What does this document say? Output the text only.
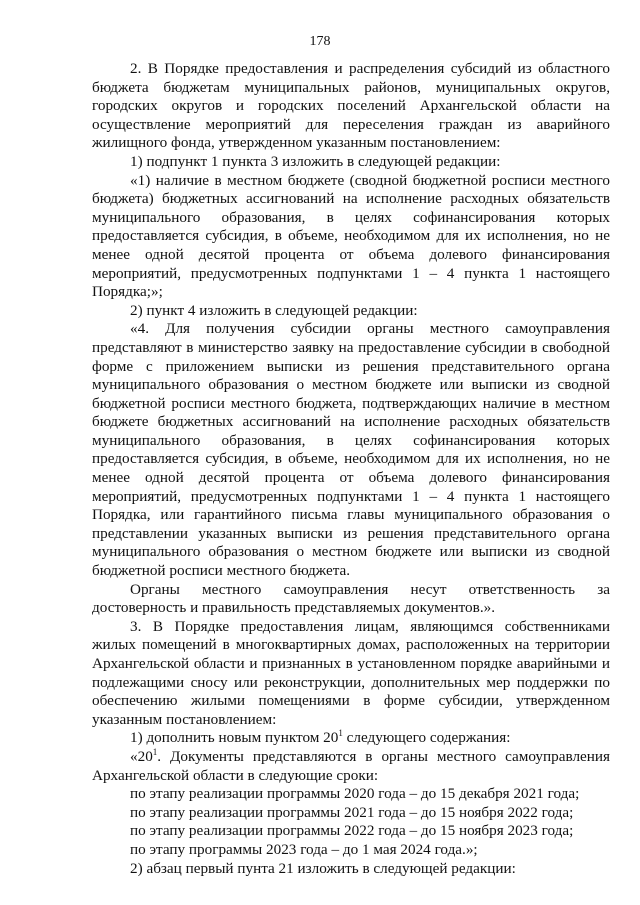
178

2. В Порядке предоставления и распределения субсидий из областного бюджета бюджетам муниципальных районов, муниципальных округов, городских округов и городских поселений Архангельской области на осуществление мероприятий для переселения граждан из аварийного жилищного фонда, утвержденном указанным постановлением:

1) подпункт 1 пункта 3 изложить в следующей редакции:

«1) наличие в местном бюджете (сводной бюджетной росписи местного бюджета) бюджетных ассигнований на исполнение расходных обязательств муниципального образования, в целях софинансирования которых предоставляется субсидия, в объеме, необходимом для их исполнения, но не менее одной десятой процента от объема долевого финансирования мероприятий, предусмотренных подпунктами 1 – 4 пункта 1 настоящего Порядка;»;

2) пункт 4 изложить в следующей редакции:

«4. Для получения субсидии органы местного самоуправления представляют в министерство заявку на предоставление субсидии в свободной форме с приложением выписки из решения представительного органа муниципального образования о местном бюджете или выписки из сводной бюджетной росписи местного бюджета, подтверждающих наличие в местном бюджете бюджетных ассигнований на исполнение расходных обязательств муниципального образования, в целях софинансирования которых предоставляется субсидия, в объеме, необходимом для их исполнения, но не менее одной десятой процента от объема долевого финансирования мероприятий, предусмотренных подпунктами 1 – 4 пункта 1 настоящего Порядка, или гарантийного письма главы муниципального образования о представлении указанных выписки из решения представительного органа муниципального образования о местном бюджете или выписки из сводной бюджетной росписи местного бюджета.

Органы местного самоуправления несут ответственность за достоверность и правильность представляемых документов.».

3. В Порядке предоставления лицам, являющимся собственниками жилых помещений в многоквартирных домах, расположенных на территории Архангельской области и признанных в установленном порядке аварийными и подлежащими сносу или реконструкции, дополнительных мер поддержки по обеспечению жилыми помещениями в форме субсидии, утвержденном указанным постановлением:

1) дополнить новым пунктом $20^1$ следующего содержания:

«$20^1$. Документы представляются в органы местного самоуправления Архангельской области в следующие сроки:

по этапу реализации программы 2020 года – до 15 декабря 2021 года;

по этапу реализации программы 2021 года – до 15 ноября 2022 года;

по этапу реализации программы 2022 года – до 15 ноября 2023 года;

по этапу программы 2023 года – до 1 мая 2024 года.»;

2) абзац первый пунта 21 изложить в следующей редакции:
